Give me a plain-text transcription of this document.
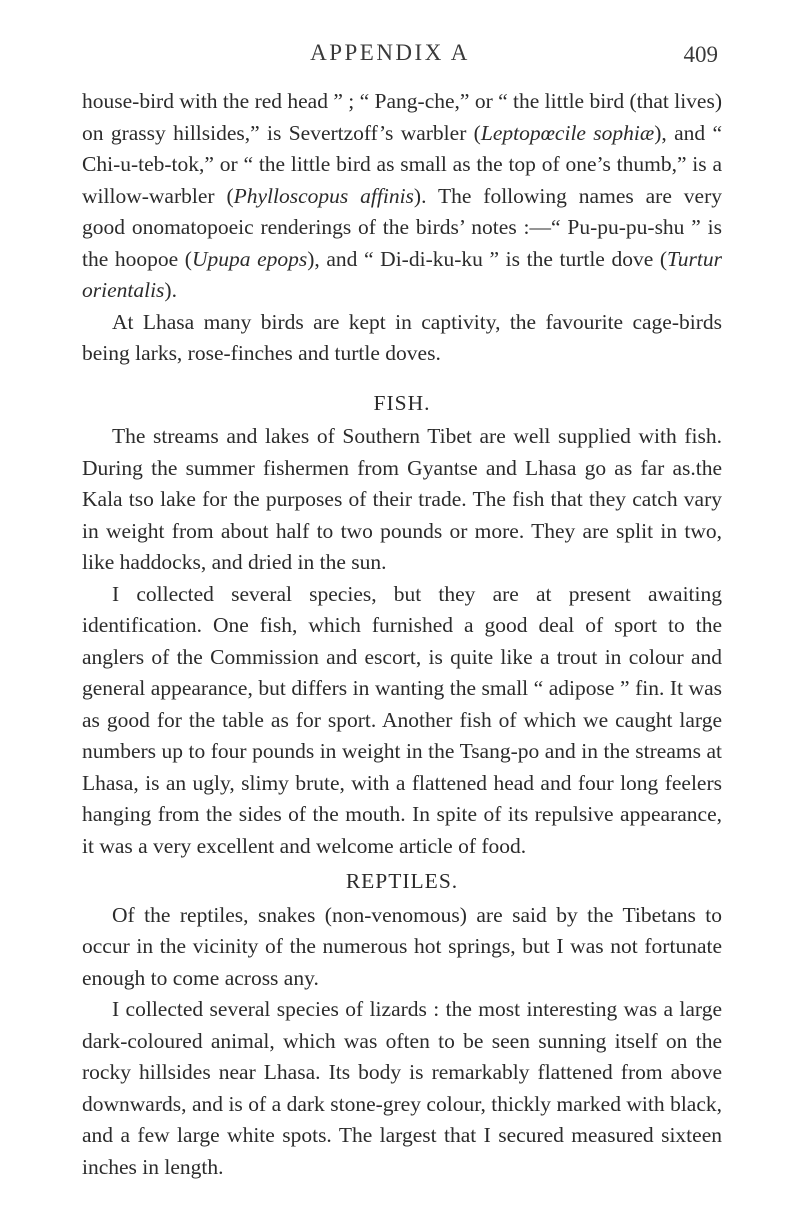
APPENDIX A	409

house-bird with the red head ” ; “ Pang-che,” or “ the little bird (that lives) on grassy hillsides,” is Severtzoff’s warbler (Leptopœcile sophiæ), and “ Chi-u-teb-tok,” or “ the little bird as small as the top of one’s thumb,” is a willow-warbler (Phylloscopus affinis). The following names are very good onomatopoeic renderings of the birds’ notes :—“ Pu-pu-pu-shu ” is the hoopoe (Upupa epops), and “ Di-di-ku-ku ” is the turtle dove (Turtur orientalis).

At Lhasa many birds are kept in captivity, the favourite cage-birds being larks, rose-finches and turtle doves.

FISH.

The streams and lakes of Southern Tibet are well supplied with fish. During the summer fishermen from Gyantse and Lhasa go as far as.the Kala tso lake for the purposes of their trade. The fish that they catch vary in weight from about half to two pounds or more. They are split in two, like haddocks, and dried in the sun.

I collected several species, but they are at present awaiting identification. One fish, which furnished a good deal of sport to the anglers of the Commission and escort, is quite like a trout in colour and general appearance, but differs in wanting the small “ adipose ” fin. It was as good for the table as for sport. Another fish of which we caught large numbers up to four pounds in weight in the Tsang-po and in the streams at Lhasa, is an ugly, slimy brute, with a flattened head and four long feelers hanging from the sides of the mouth. In spite of its repulsive appearance, it was a very excellent and welcome article of food.

REPTILES.

Of the reptiles, snakes (non-venomous) are said by the Tibetans to occur in the vicinity of the numerous hot springs, but I was not fortunate enough to come across any.

I collected several species of lizards : the most interesting was a large dark-coloured animal, which was often to be seen sunning itself on the rocky hillsides near Lhasa. Its body is remarkably flattened from above downwards, and is of a dark stone-grey colour, thickly marked with black, and a few large white spots. The largest that I secured measured sixteen inches in length.
